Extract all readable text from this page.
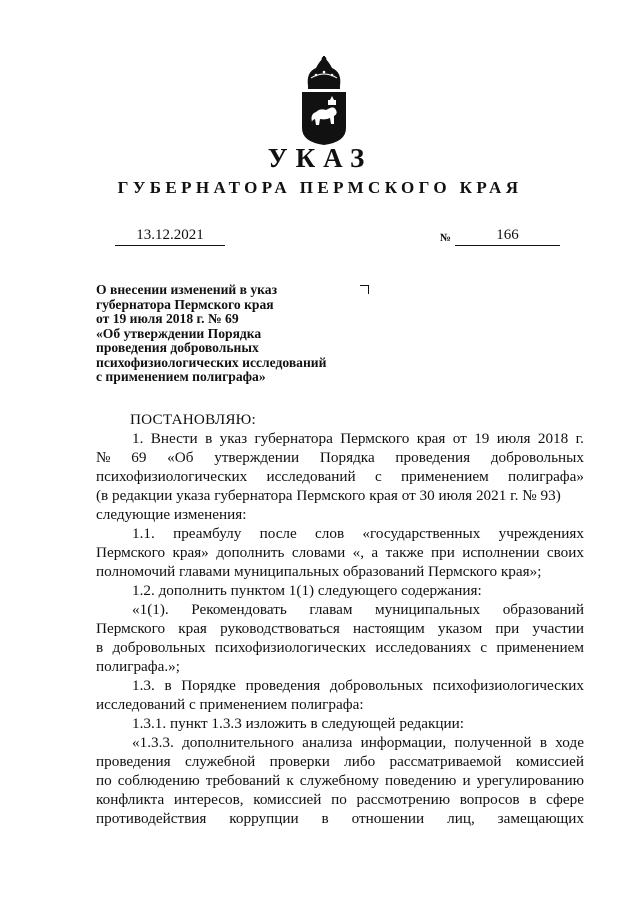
УКАЗ
ГУБЕРНАТОРА ПЕРМСКОГО КРАЯ
13.12.2021	№	166
О внесении изменений в указ
губернатора Пермского края
от 19 июля 2018 г. № 69
«Об утверждении Порядка
проведения добровольных
психофизиологических исследований
с применением полиграфа»
ПОСТАНОВЛЯЮ:
1. Внести в указ губернатора Пермского края от 19 июля 2018 г.
№ 69 «Об утверждении Порядка проведения добровольных
психофизиологических исследований с применением полиграфа»
(в редакции указа губернатора Пермского края от 30 июля 2021 г. № 93)
следующие изменения:
1.1. преамбулу после слов «государственных учреждениях
Пермского края» дополнить словами «, а также при исполнении своих
полномочий главами муниципальных образований Пермского края»;
1.2. дополнить пунктом 1(1) следующего содержания:
«1(1). Рекомендовать главам муниципальных образований
Пермского края руководствоваться настоящим указом при участии
в добровольных психофизиологических исследованиях с применением
полиграфа.»;
1.3. в Порядке проведения добровольных психофизиологических
исследований с применением полиграфа:
1.3.1. пункт 1.3.3 изложить в следующей редакции:
«1.3.3. дополнительного анализа информации, полученной в ходе
проведения служебной проверки либо рассматриваемой комиссией
по соблюдению требований к служебному поведению и урегулированию
конфликта интересов, комиссией по рассмотрению вопросов в сфере
противодействия коррупции в отношении лиц, замещающих
